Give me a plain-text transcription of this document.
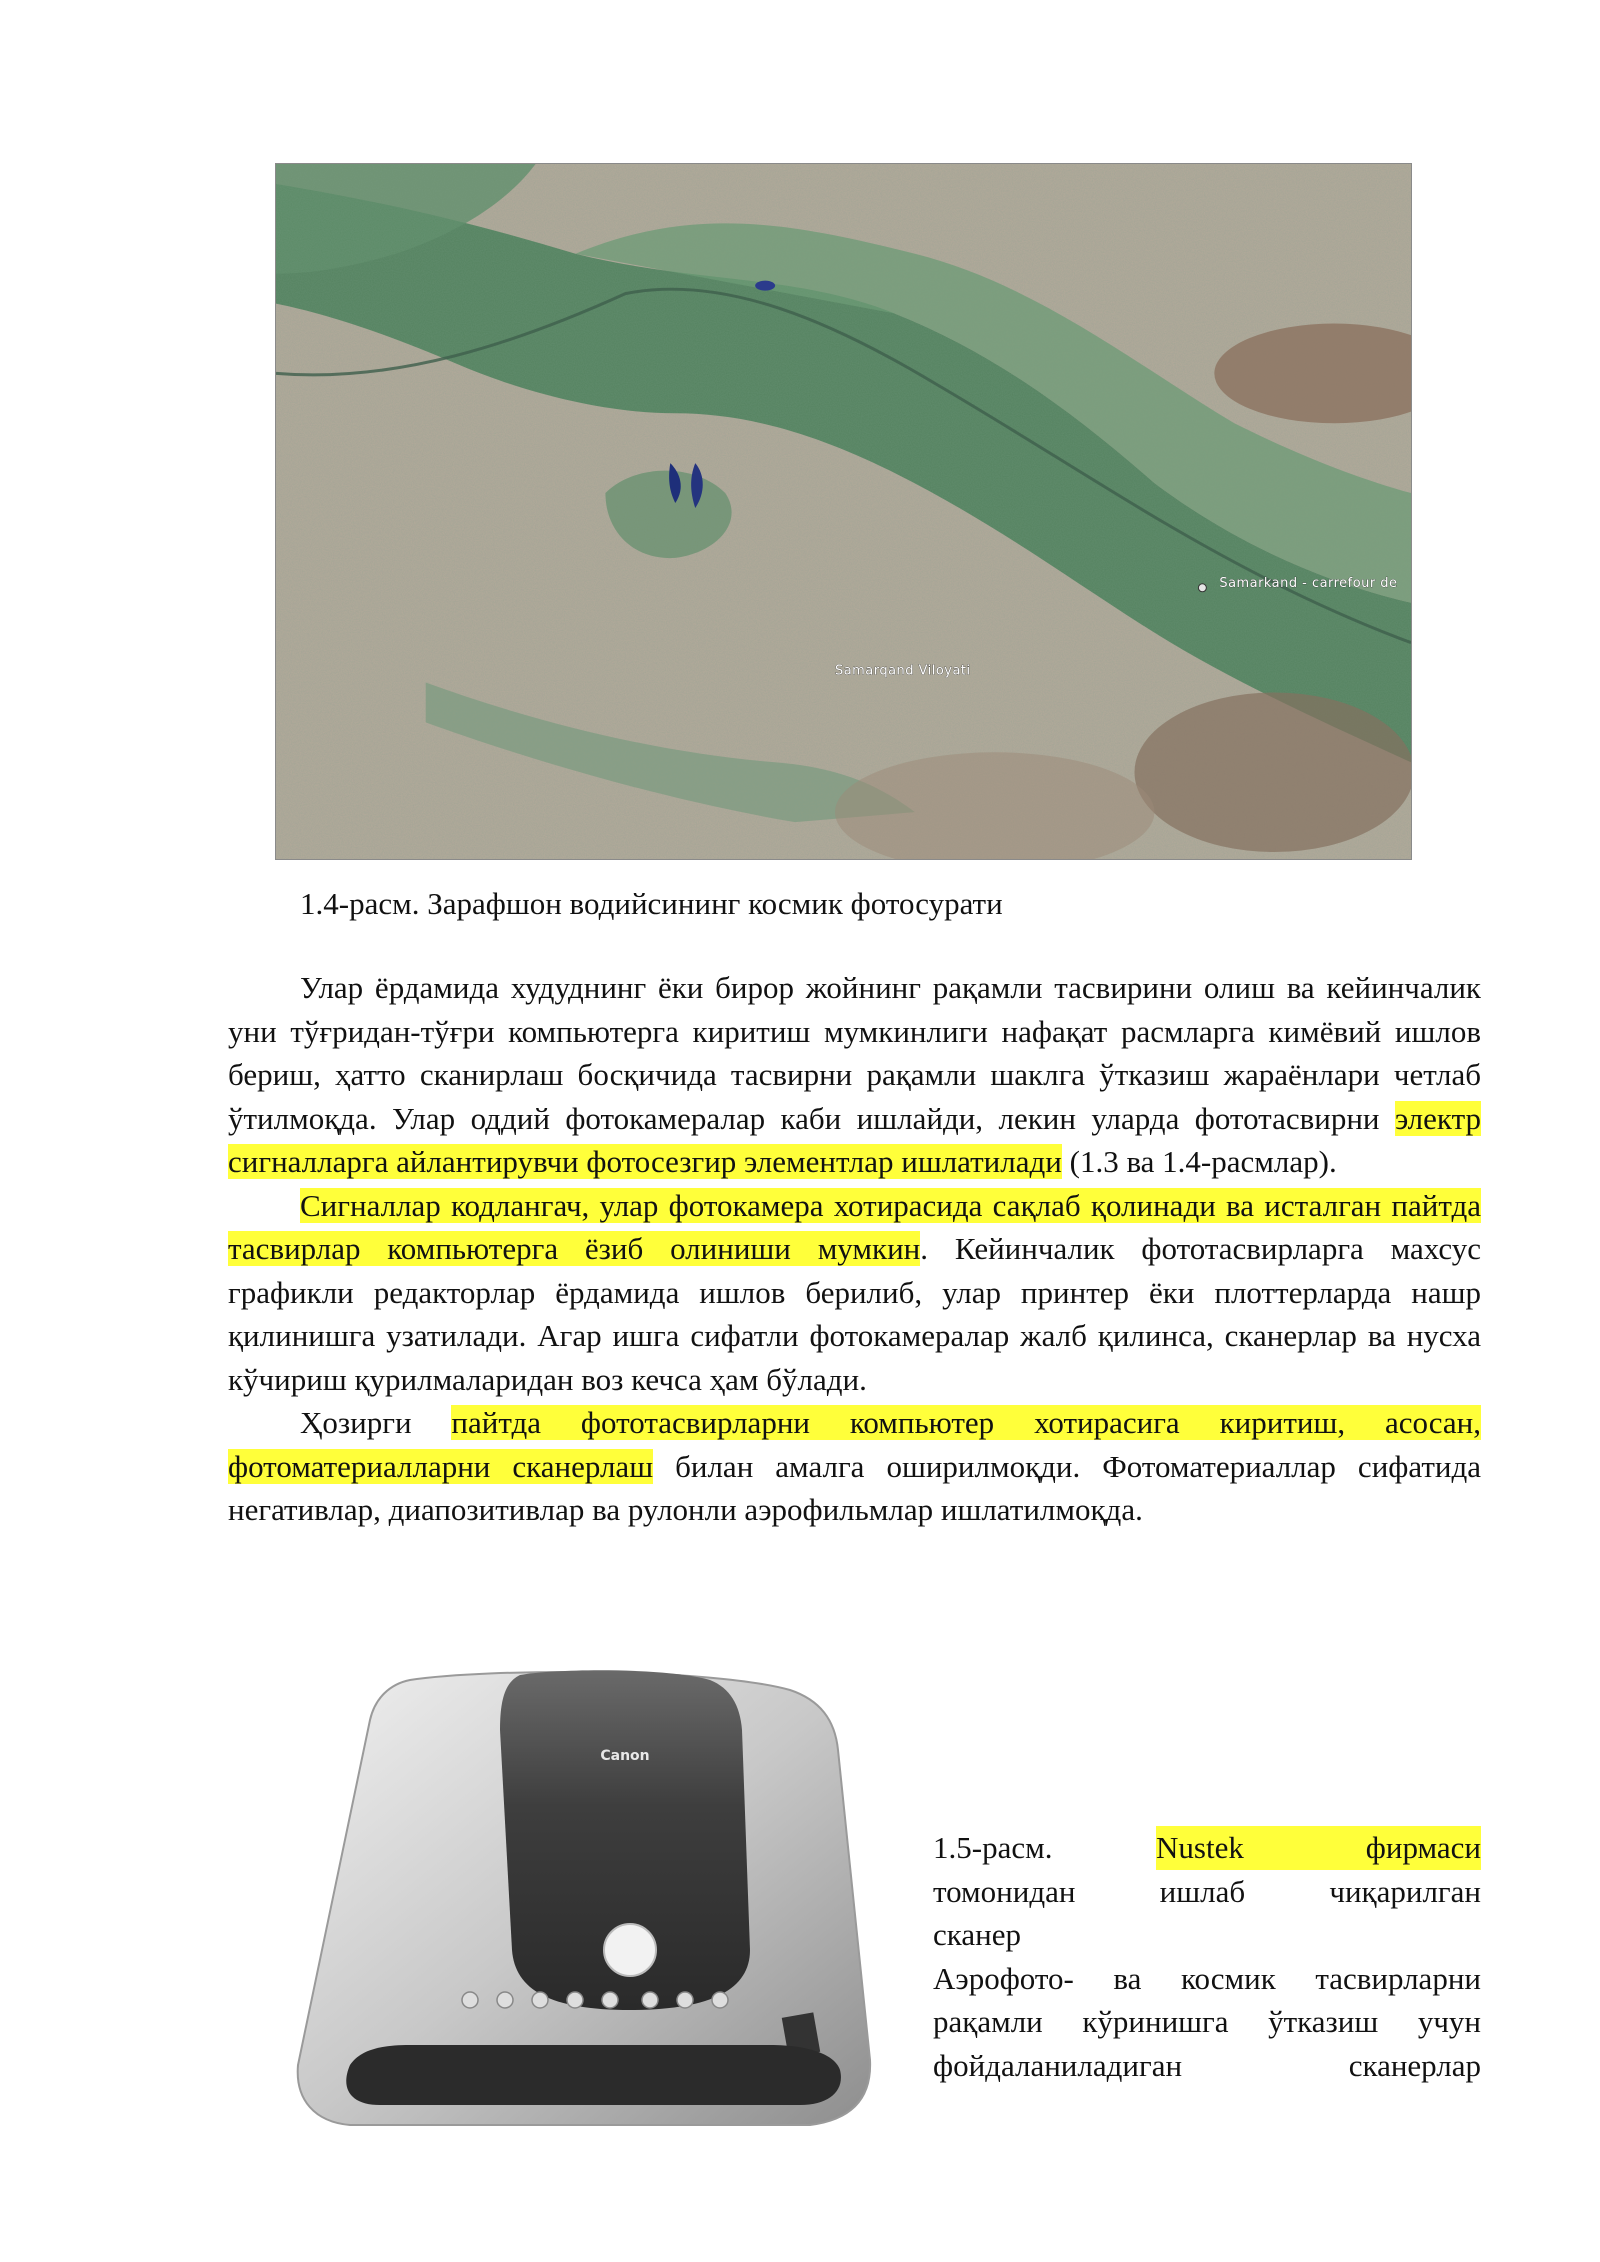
Samarkand - carrefour de
Samarqand Viloyati
1.4-расм. Зарафшон водийсининг космик фотосурати

Улар ёрдамида худуднинг ёки бирор жойнинг рақамли тасвирини олиш ва кейинчалик уни тўғридан-тўғри компьютерга киритиш мумкинлиги нафақат расмларга кимёвий ишлов бериш, ҳатто сканирлаш босқичида тасвирни рақамли шаклга ўтказиш жараёнлари четлаб ўтилмоқда. Улар оддий фотокамералар каби ишлайди, лекин уларда фототасвирни электр сигналларга айлантирувчи фотосезгир элементлар ишлатилади (1.3 ва 1.4-расмлар).

Сигналлар кодлангач, улар фотокамера хотирасида сақлаб қолинади ва исталган пайтда тасвирлар компьютерга ёзиб олиниши мумкин. Кейинчалик фототасвирларга махсус графикли редакторлар ёрдамида ишлов берилиб, улар принтер ёки плоттерларда нашр қилинишга узатилади. Агар ишга сифатли фотокамералар жалб қилинса, сканерлар ва нусха кўчириш қурилмаларидан воз кечса ҳам бўлади.

Ҳозирги пайтда фототасвирларни компьютер хотирасига киритиш, асосан, фотоматериалларни сканерлаш билан амалга оширилмоқди. Фотоматериаллар сифатида негативлар, диапозитивлар ва рулонли аэрофильмлар ишлатилмоқда.

Canon

1.5-расм.	Nustek фирмаси

томонидан ишлаб чиқарилган

сканер

Аэрофото- ва космик тасвирларни

рақамли кўринишга ўтказиш учун

фойдаланиладиган сканерлар
